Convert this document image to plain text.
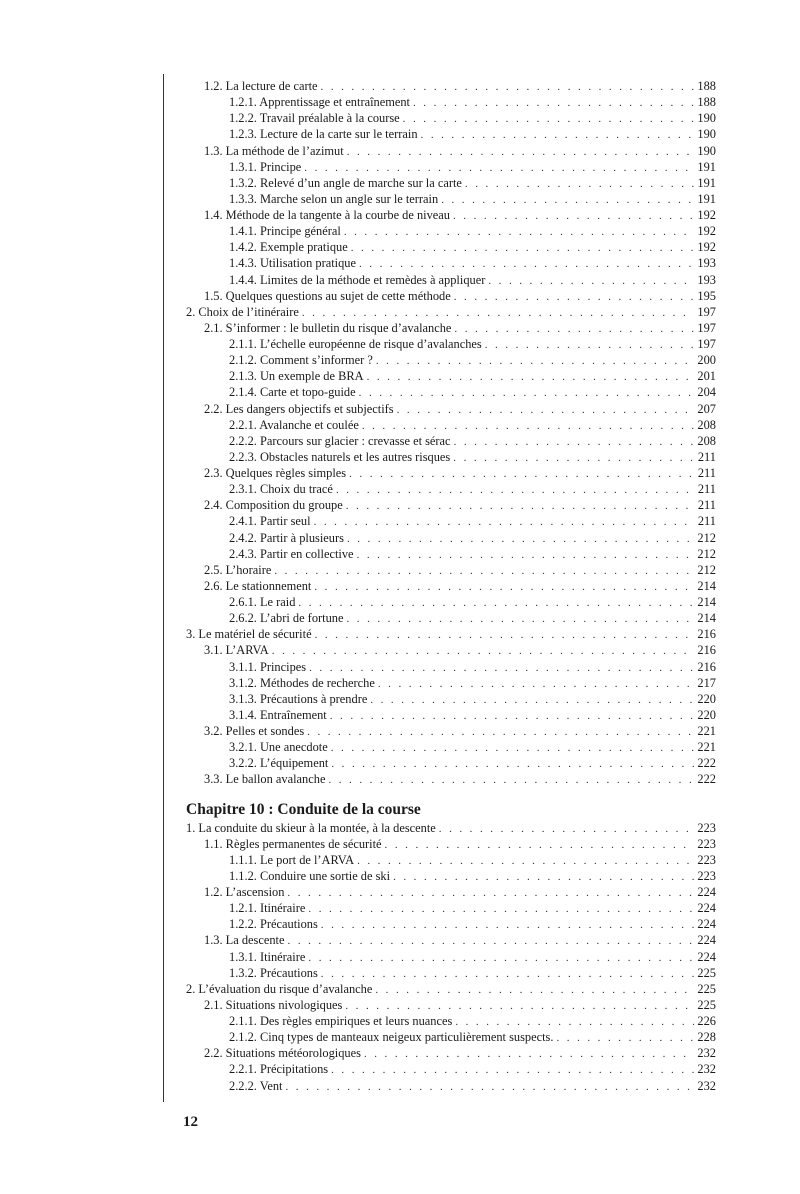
1.2. La lecture de carte . . .	188
1.2.1. Apprentissage et entraînement . . .	188
1.2.2. Travail préalable à la course . . .	190
1.2.3. Lecture de la carte sur le terrain . . .	190
1.3. La méthode de l’azimut . . .	190
1.3.1. Principe . . .	191
1.3.2. Relevé d’un angle de marche sur la carte . . .	191
1.3.3. Marche selon un angle sur le terrain . . .	191
1.4. Méthode de la tangente à la courbe de niveau . . .	192
1.4.1. Principe général . . .	192
1.4.2. Exemple pratique . . .	192
1.4.3. Utilisation pratique . . .	193
1.4.4. Limites de la méthode et remèdes à appliquer . . .	193
1.5. Quelques questions au sujet de cette méthode . . .	195
2. Choix de l’itinéraire . . .	197
2.1. S’informer : le bulletin du risque d’avalanche . . .	197
2.1.1. L’échelle européenne de risque d’avalanches . . .	197
2.1.2. Comment s’informer ? . . .	200
2.1.3. Un exemple de BRA . . .	201
2.1.4. Carte et topo-guide . . .	204
2.2. Les dangers objectifs et subjectifs . . .	207
2.2.1. Avalanche et coulée . . .	208
2.2.2. Parcours sur glacier : crevasse et sérac . . .	208
2.2.3. Obstacles naturels et les autres risques . . .	211
2.3. Quelques règles simples . . .	211
2.3.1. Choix du tracé . . .	211
2.4. Composition du groupe . . .	211
2.4.1. Partir seul . . .	211
2.4.2. Partir à plusieurs . . .	212
2.4.3. Partir en collective . . .	212
2.5. L’horaire . . .	212
2.6. Le stationnement . . .	214
2.6.1. Le raid . . .	214
2.6.2. L’abri de fortune . . .	214
3. Le matériel de sécurité . . .	216
3.1. L’ARVA . . .	216
3.1.1. Principes . . .	216
3.1.2. Méthodes de recherche . . .	217
3.1.3. Précautions à prendre . . .	220
3.1.4. Entraînement . . .	220
3.2. Pelles et sondes . . .	221
3.2.1. Une anecdote . . .	221
3.2.2. L’équipement . . .	222
3.3. Le ballon avalanche . . .	222
Chapitre 10 : Conduite de la course
1. La conduite du skieur à la montée, à la descente . . .	223
1.1. Règles permanentes de sécurité . . .	223
1.1.1. Le port de l’ARVA . . .	223
1.1.2. Conduire une sortie de ski . . .	223
1.2. L’ascension . . .	224
1.2.1. Itinéraire . . .	224
1.2.2. Précautions . . .	224
1.3. La descente . . .	224
1.3.1. Itinéraire . . .	224
1.3.2. Précautions . . .	225
2. L’évaluation du risque d’avalanche . . .	225
2.1. Situations nivologiques . . .	225
2.1.1. Des règles empiriques et leurs nuances . . .	226
2.1.2. Cinq types de manteaux neigeux particulièrement suspects. . . .	228
2.2. Situations météorologiques . . .	232
2.2.1. Précipitations . . .	232
2.2.2. Vent . . .	232
12
